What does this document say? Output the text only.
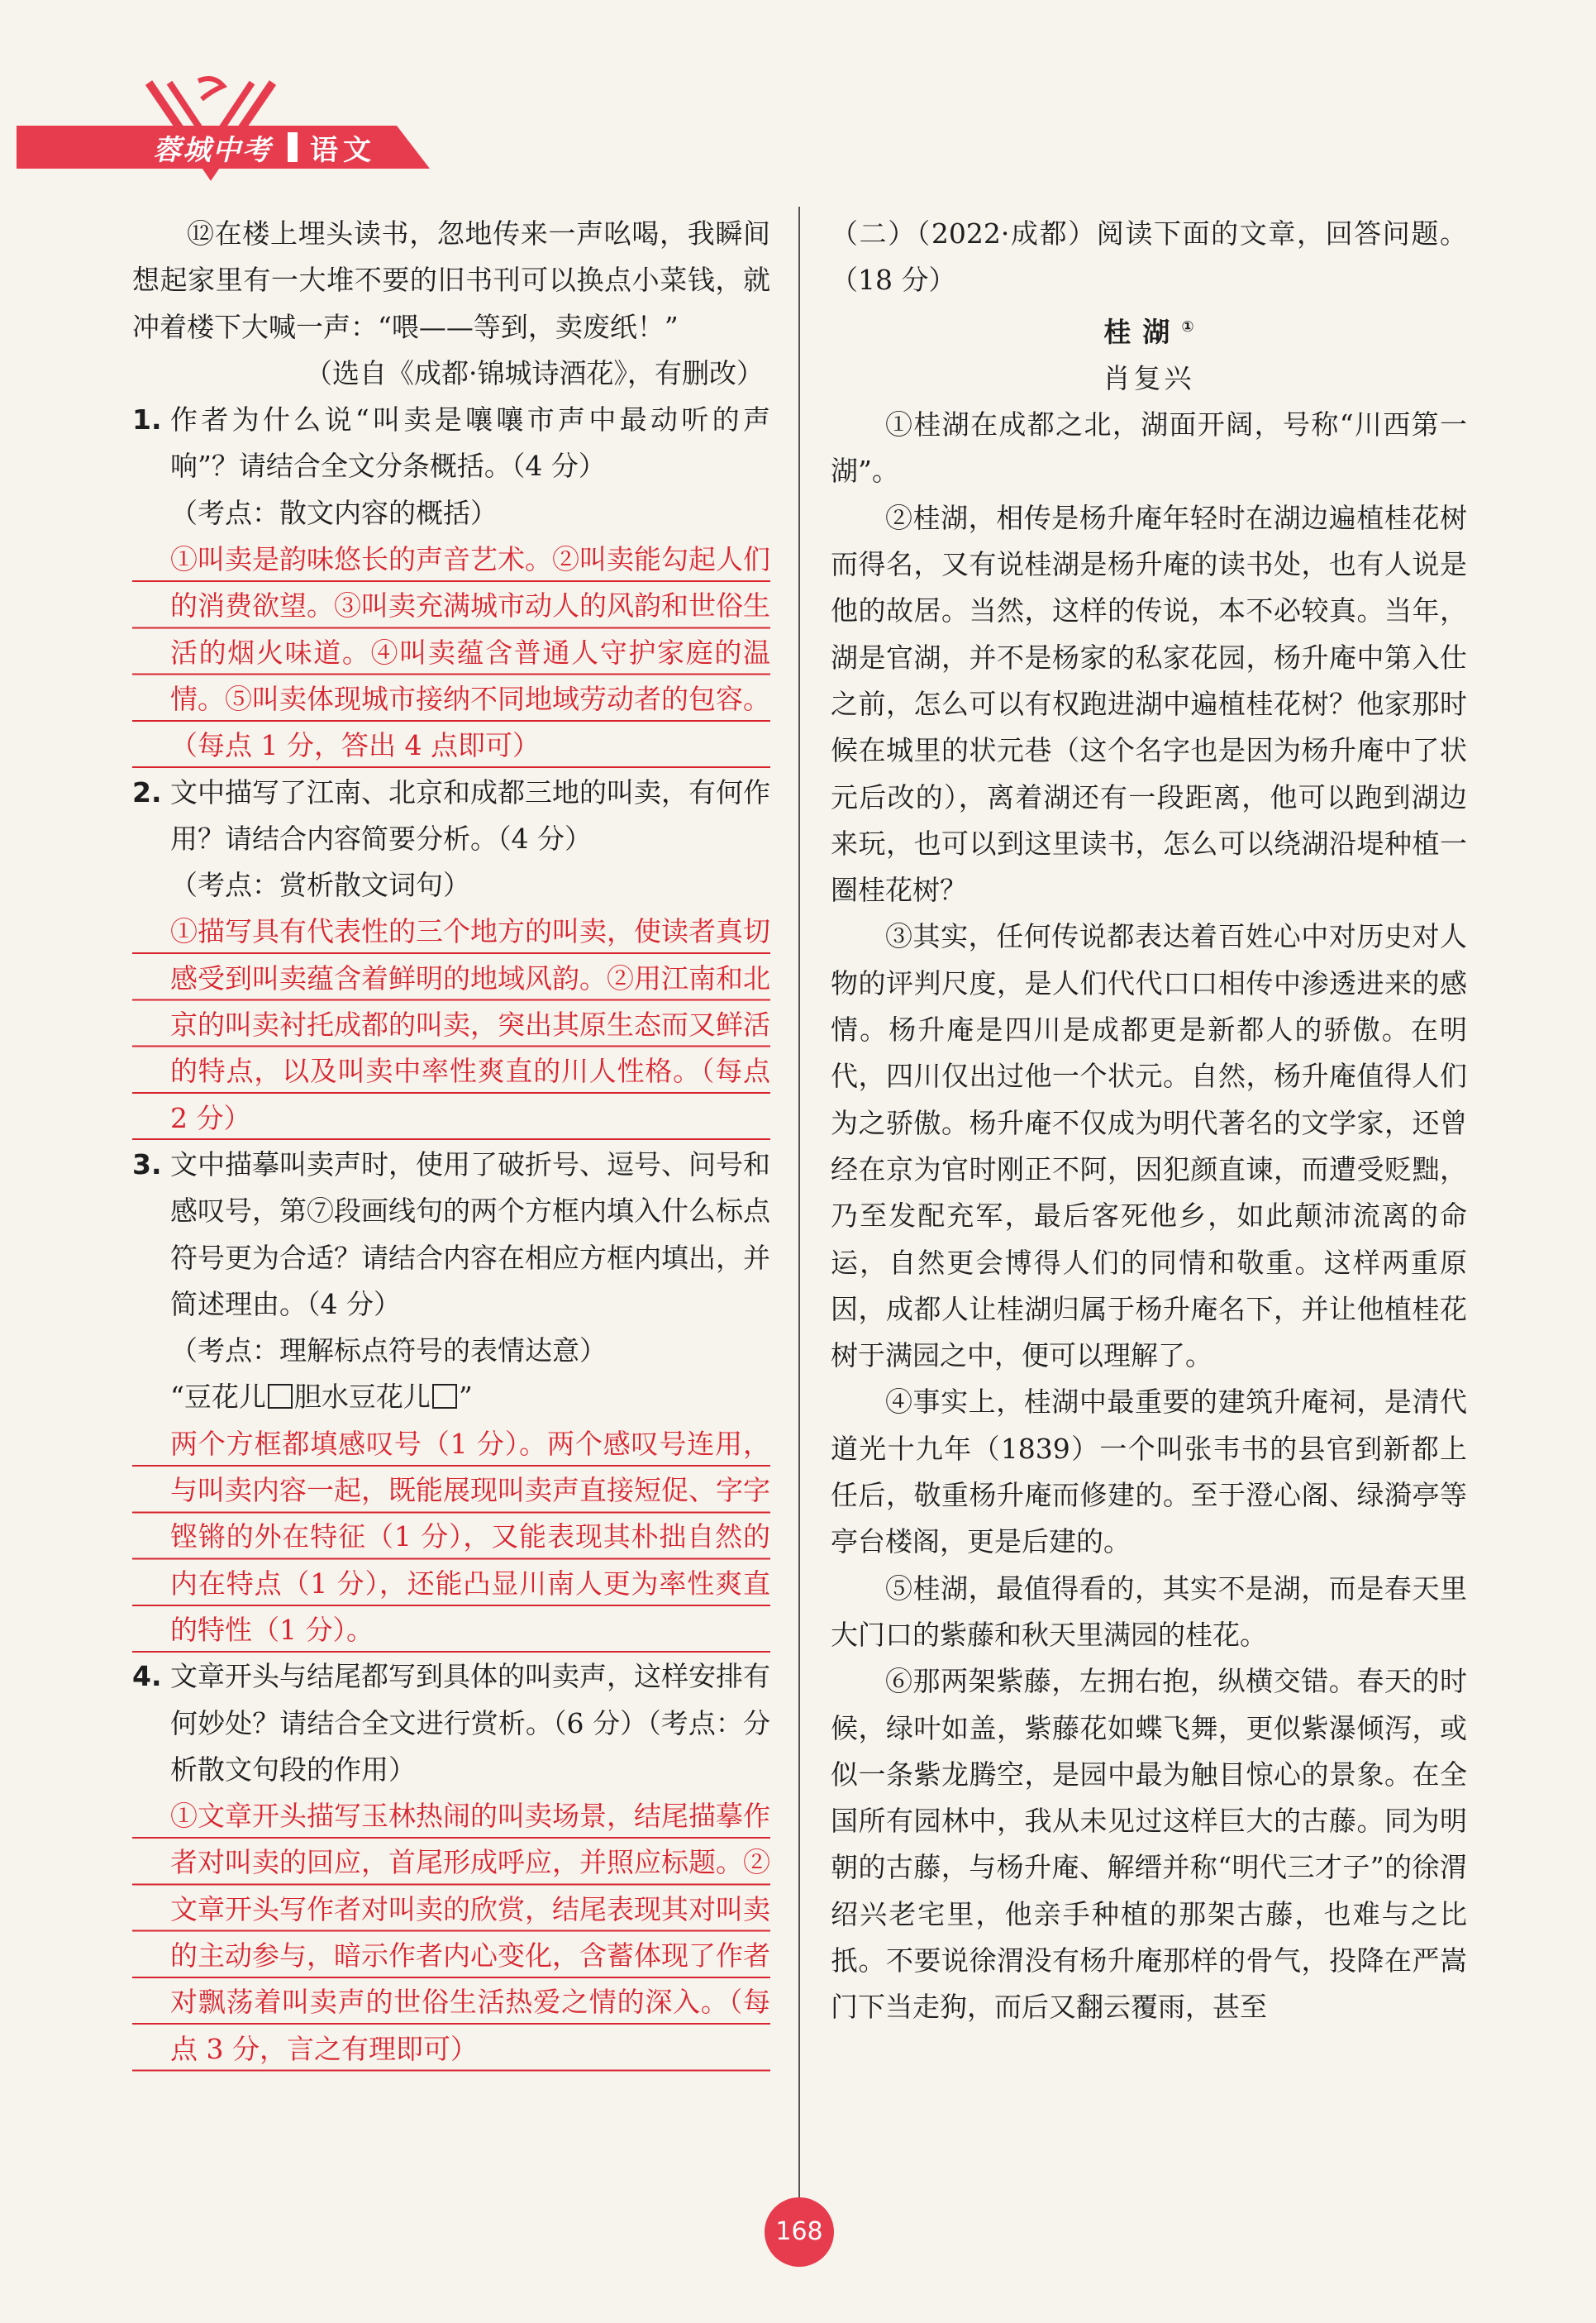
蓉城中考 语文

⑫在楼上埋头读书，忽地传来一声吆喝，我瞬间想起家里有一大堆不要的旧书刊可以换点小菜钱，就冲着楼下大喊一声：“喂——等到，卖废纸！”

（选自《成都·锦城诗酒花》，有删改）

1. 作者为什么说“叫卖是嚷嚷市声中最动听的声响”？请结合全文分条概括。（4 分）

（考点：散文内容的概括）

①叫卖是韵味悠长的声音艺术。②叫卖能勾起人们的消费欲望。③叫卖充满城市动人的风韵和世俗生活的烟火味道。④叫卖蕴含普通人守护家庭的温情。⑤叫卖体现城市接纳不同地域劳动者的包容。（每点 1 分，答出 4 点即可）

2. 文中描写了江南、北京和成都三地的叫卖，有何作用？请结合内容简要分析。（4 分）

（考点：赏析散文词句）

①描写具有代表性的三个地方的叫卖，使读者真切感受到叫卖蕴含着鲜明的地域风韵。②用江南和北京的叫卖衬托成都的叫卖，突出其原生态而又鲜活的特点，以及叫卖中率性爽直的川人性格。（每点 2 分）

3. 文中描摹叫卖声时，使用了破折号、逗号、问号和感叹号，第⑦段画线句的两个方框内填入什么标点符号更为合适？请结合内容在相应方框内填出，并简述理由。（4 分）

（考点：理解标点符号的表情达意）

“豆花儿 胆水豆花儿 ”

两个方框都填感叹号（1 分）。两个感叹号连用，与叫卖内容一起，既能展现叫卖声直接短促、字字铿锵的外在特征（1 分），又能表现其朴拙自然的内在特点（1 分），还能凸显川南人更为率性爽直的特性（1 分）。

4. 文章开头与结尾都写到具体的叫卖声，这样安排有何妙处？请结合全文进行赏析。（6 分）（考点：分析散文句段的作用）

①文章开头描写玉林热闹的叫卖场景，结尾描摹作者对叫卖的回应，首尾形成呼应，并照应标题。②文章开头写作者对叫卖的欣赏，结尾表现其对叫卖的主动参与，暗示作者内心变化，含蓄体现了作者对飘荡着叫卖声的世俗生活热爱之情的深入。（每点 3 分，言之有理即可）

（二）（2022·成都）阅读下面的文章，回答问题。（18 分）

桂湖①

肖复兴

①桂湖在成都之北，湖面开阔，号称“川西第一湖”。

②桂湖，相传是杨升庵年轻时在湖边遍植桂花树而得名，又有说桂湖是杨升庵的读书处，也有人说是他的故居。当然，这样的传说，本不必较真。当年，湖是官湖，并不是杨家的私家花园，杨升庵中第入仕之前，怎么可以有权跑进湖中遍植桂花树？他家那时候在城里的状元巷（这个名字也是因为杨升庵中了状元后改的），离着湖还有一段距离，他可以跑到湖边来玩，也可以到这里读书，怎么可以绕湖沿堤种植一圈桂花树？

③其实，任何传说都表达着百姓心中对历史对人物的评判尺度，是人们代代口口相传中渗透进来的感情。杨升庵是四川是成都更是新都人的骄傲。在明代，四川仅出过他一个状元。自然，杨升庵值得人们为之骄傲。杨升庵不仅成为明代著名的文学家，还曾经在京为官时刚正不阿，因犯颜直谏，而遭受贬黜，乃至发配充军，最后客死他乡，如此颠沛流离的命运，自然更会博得人们的同情和敬重。这样两重原因，成都人让桂湖归属于杨升庵名下，并让他植桂花树于满园之中，便可以理解了。

④事实上，桂湖中最重要的建筑升庵祠，是清代道光十九年（1839）一个叫张韦书的县官到新都上任后，敬重杨升庵而修建的。至于澄心阁、绿漪亭等亭台楼阁，更是后建的。

⑤桂湖，最值得看的，其实不是湖，而是春天里大门口的紫藤和秋天里满园的桂花。

⑥那两架紫藤，左拥右抱，纵横交错。春天的时候，绿叶如盖，紫藤花如蝶飞舞，更似紫瀑倾泻，或似一条紫龙腾空，是园中最为触目惊心的景象。在全国所有园林中，我从未见过这样巨大的古藤。同为明朝的古藤，与杨升庵、解缙并称“明代三才子”的徐渭绍兴老宅里，他亲手种植的那架古藤，也难与之比扺。不要说徐渭没有杨升庵那样的骨气，投降在严嵩门下当走狗，而后又翻云覆雨，甚至

168
